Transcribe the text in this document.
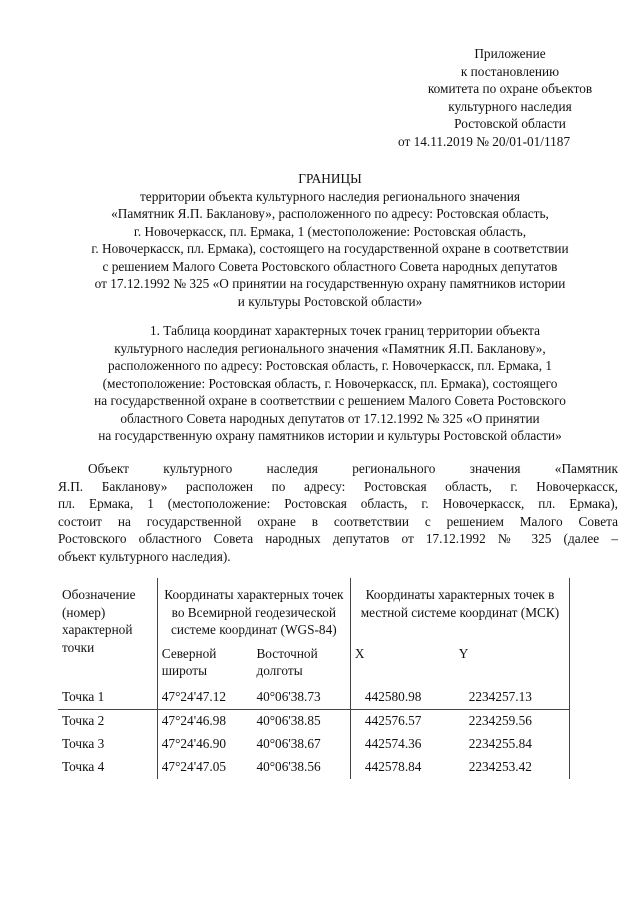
Приложение
к постановлению
комитета по охране объектов
культурного наследия
Ростовской области
от 14.11.2019 № 20/01-01/1187
ГРАНИЦЫ
территории объекта культурного наследия регионального значения
«Памятник Я.П. Бакланову», расположенного по адресу: Ростовская область,
г. Новочеркасск, пл. Ермака, 1 (местоположение: Ростовская область,
г. Новочеркасск, пл. Ермака), состоящего на государственной охране в соответствии
с решением Малого Совета Ростовского областного Совета народных депутатов
от 17.12.1992 № 325 «О принятии на государственную охрану памятников истории
и культуры Ростовской области»
1. Таблица координат характерных точек границ территории объекта
культурного наследия регионального значения «Памятник Я.П. Бакланову»,
расположенного по адресу: Ростовская область, г. Новочеркасск, пл. Ермака, 1
(местоположение: Ростовская область, г. Новочеркасск, пл. Ермака), состоящего
на государственной охране в соответствии с решением Малого Совета Ростовского
областного Совета народных депутатов от 17.12.1992 № 325 «О принятии
на государственную охрану памятников истории и культуры Ростовской области»
Объект культурного наследия регионального значения «Памятник
Я.П. Бакланову» расположен по адресу: Ростовская область, г. Новочеркасск,
пл. Ермака, 1 (местоположение: Ростовская область, г. Новочеркасск, пл. Ермака),
состоит на государственной охране в соответствии с решением Малого Совета
Ростовского областного Совета народных депутатов от 17.12.1992 № 325 (далее –
объект культурного наследия).
Обозначение (номер) характерной точки	Координаты характерных точек во Всемирной геодезической системе координат (WGS-84)		Координаты характерных точек в местной системе координат (МСК)	
	Северной широты	Восточной долготы	X	Y
Точка 1	47°24'47.12	40°06'38.73	442580.98	2234257.13
Точка 2	47°24'46.98	40°06'38.85	442576.57	2234259.56
Точка 3	47°24'46.90	40°06'38.67	442574.36	2234255.84
Точка 4	47°24'47.05	40°06'38.56	442578.84	2234253.42
